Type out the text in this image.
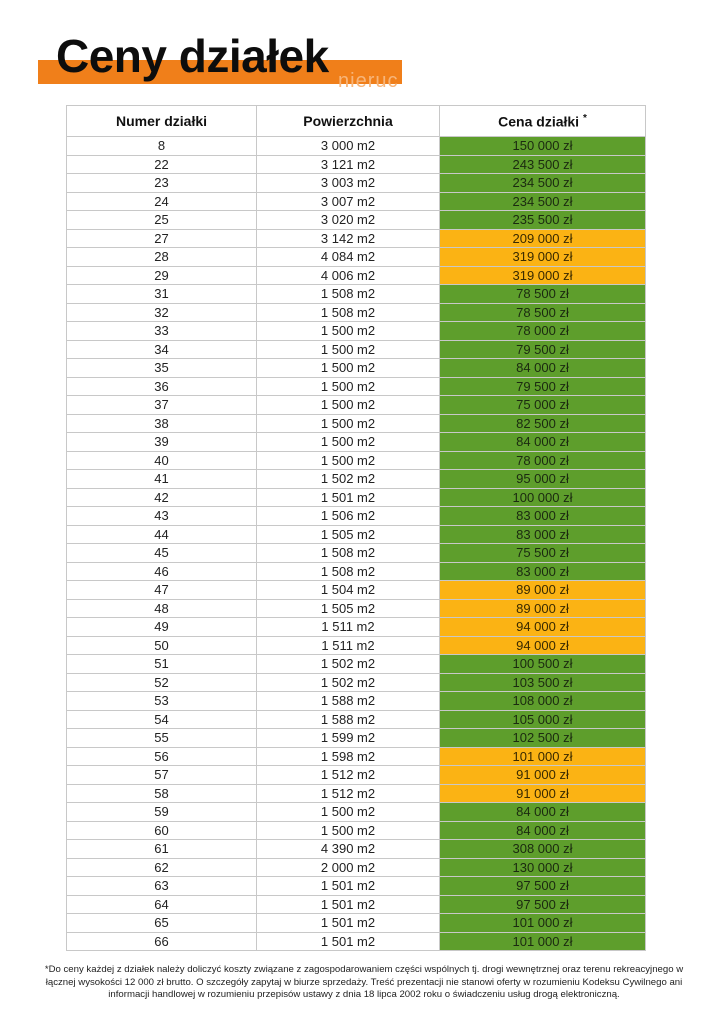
nieruc
Ceny działek
Numer działki	Powierzchnia	Cena działki *
8	3 000 m2	150 000 zł
22	3 121 m2	243 500 zł
23	3 003 m2	234 500 zł
24	3 007 m2	234 500 zł
25	3 020 m2	235 500 zł
27	3 142 m2	209 000 zł
28	4 084 m2	319 000 zł
29	4 006 m2	319 000 zł
31	1 508 m2	78 500 zł
32	1 508 m2	78 500 zł
33	1 500 m2	78 000 zł
34	1 500 m2	79 500 zł
35	1 500 m2	84 000 zł
36	1 500 m2	79 500 zł
37	1 500 m2	75 000 zł
38	1 500 m2	82 500 zł
39	1 500 m2	84 000 zł
40	1 500 m2	78 000 zł
41	1 502 m2	95 000 zł
42	1 501 m2	100 000 zł
43	1 506 m2	83 000 zł
44	1 505 m2	83 000 zł
45	1 508 m2	75 500 zł
46	1 508 m2	83 000 zł
47	1 504 m2	89 000 zł
48	1 505 m2	89 000 zł
49	1 511 m2	94 000 zł
50	1 511 m2	94 000 zł
51	1 502 m2	100 500 zł
52	1 502 m2	103 500 zł
53	1 588 m2	108 000 zł
54	1 588 m2	105 000 zł
55	1 599 m2	102 500 zł
56	1 598 m2	101 000 zł
57	1 512 m2	91 000 zł
58	1 512 m2	91 000 zł
59	1 500 m2	84 000 zł
60	1 500 m2	84 000 zł
61	4 390 m2	308 000 zł
62	2 000 m2	130 000 zł
63	1 501 m2	97 500 zł
64	1 501 m2	97 500 zł
65	1 501 m2	101 000 zł
66	1 501 m2	101 000 zł
*Do ceny każdej z działek należy doliczyć koszty związane z zagospodarowaniem części wspólnych tj. drogi wewnętrznej oraz terenu rekreacyjnego w łącznej wysokości 12 000 zł brutto. O szczegóły zapytaj w biurze sprzedaży. Treść prezentacji nie stanowi oferty w rozumieniu Kodeksu Cywilnego ani informacji handlowej w rozumieniu przepisów ustawy z dnia 18 lipca 2002 roku o świadczeniu usług drogą elektroniczną.
